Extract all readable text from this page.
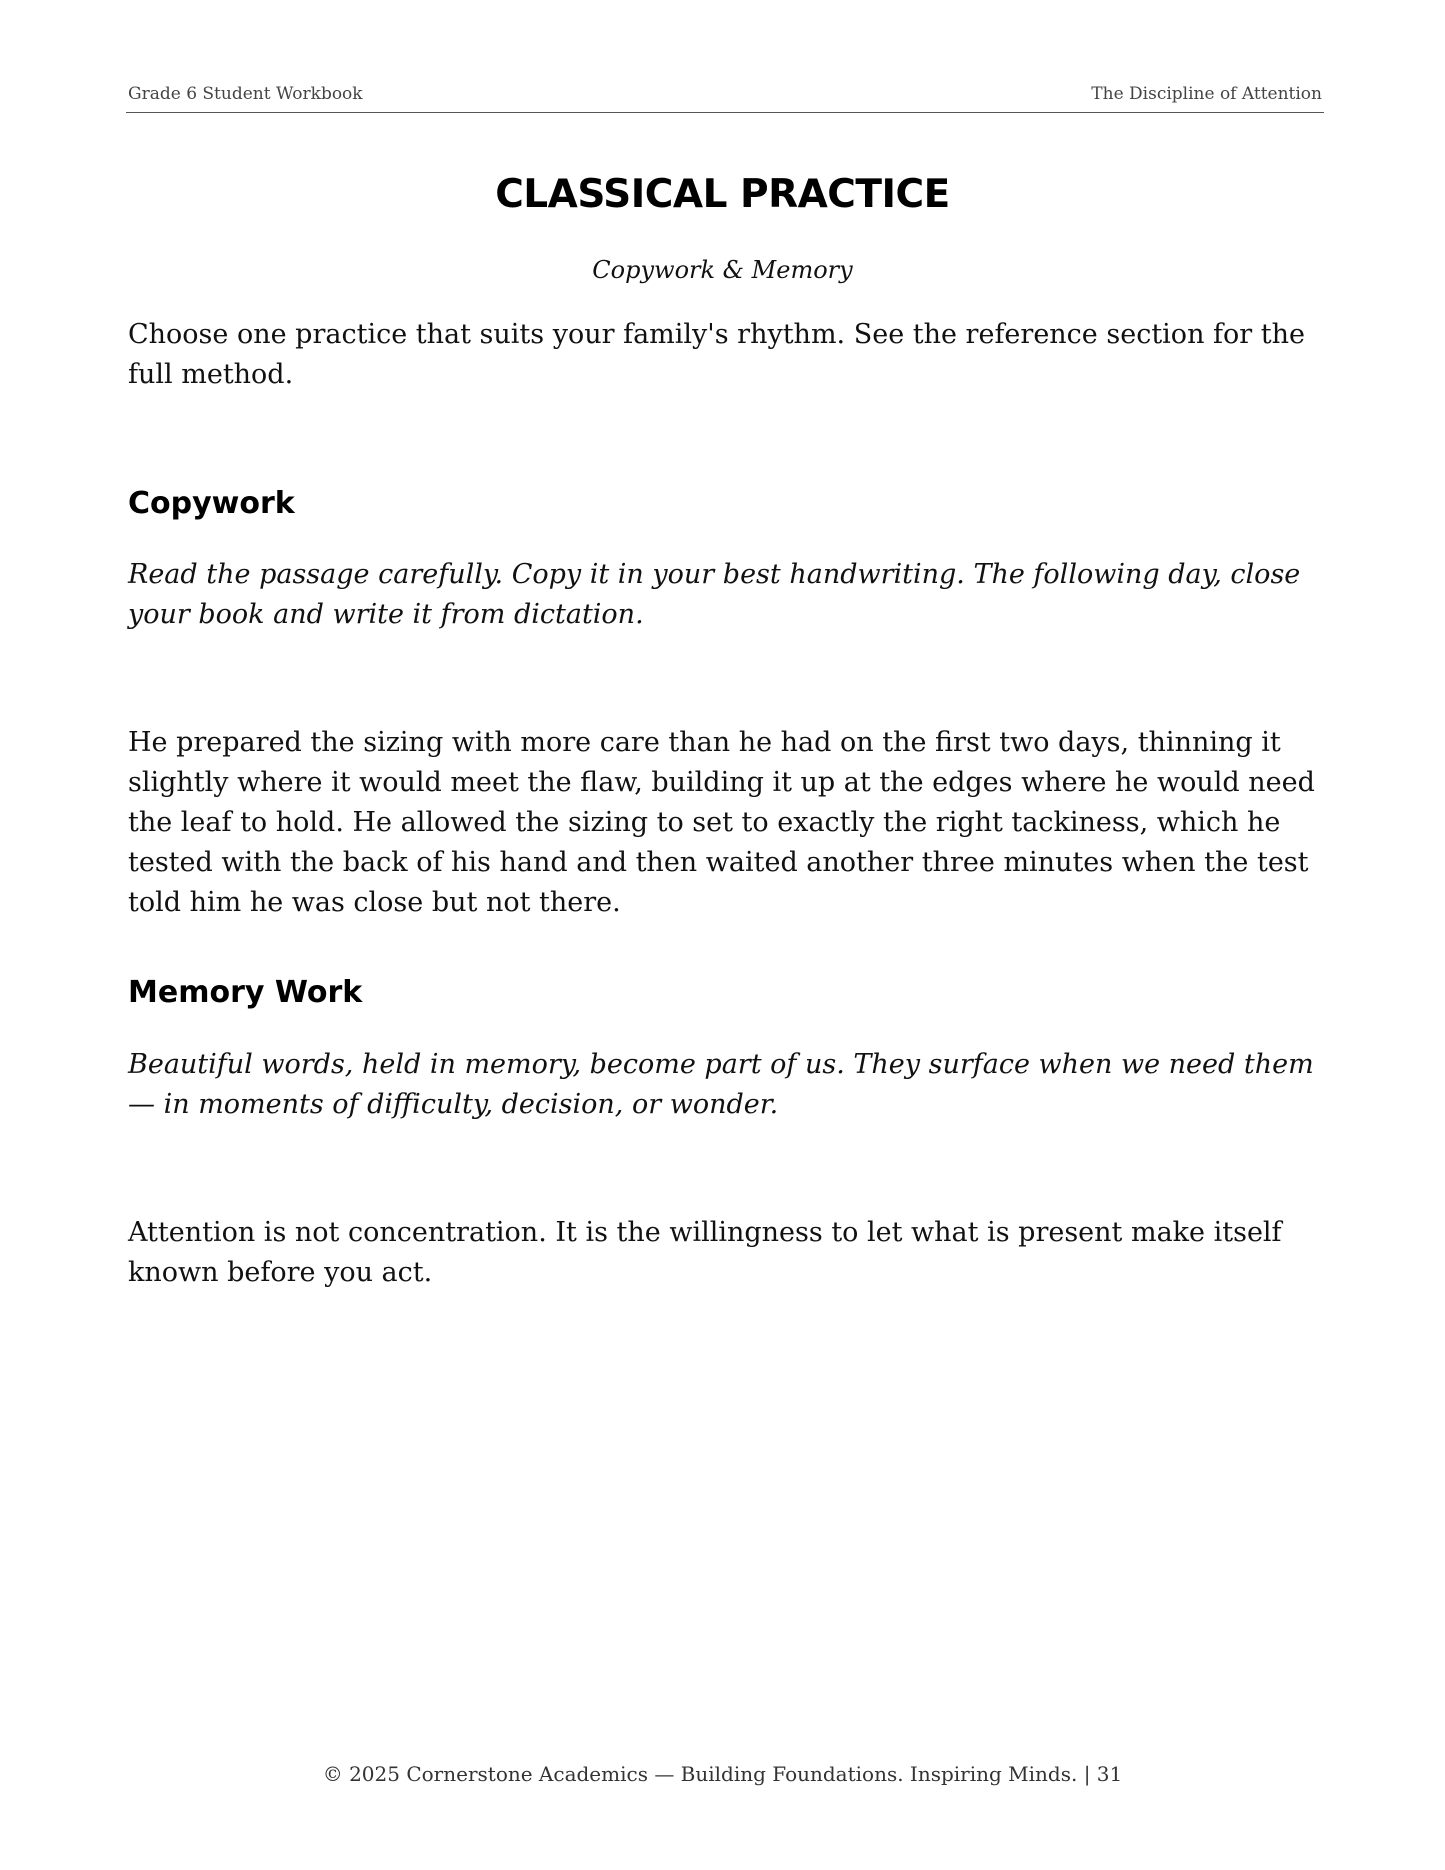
Grade 6 Student Workbook	The Discipline of Attention
CLASSICAL PRACTICE
Copywork & Memory

Choose one practice that suits your family's rhythm. See the reference section for the full method.

Copywork

Read the passage carefully. Copy it in your best handwriting. The following day, close your book and write it from dictation.

He prepared the sizing with more care than he had on the first two days, thinning it slightly where it would meet the flaw, building it up at the edges where he would need the leaf to hold. He allowed the sizing to set to exactly the right tackiness, which he tested with the back of his hand and then waited another three minutes when the test told him he was close but not there.

Memory Work

Beautiful words, held in memory, become part of us. They surface when we need them — in moments of difficulty, decision, or wonder.

Attention is not concentration. It is the willingness to let what is present make itself known before you act.

© 2025 Cornerstone Academics — Building Foundations. Inspiring Minds. | 31
